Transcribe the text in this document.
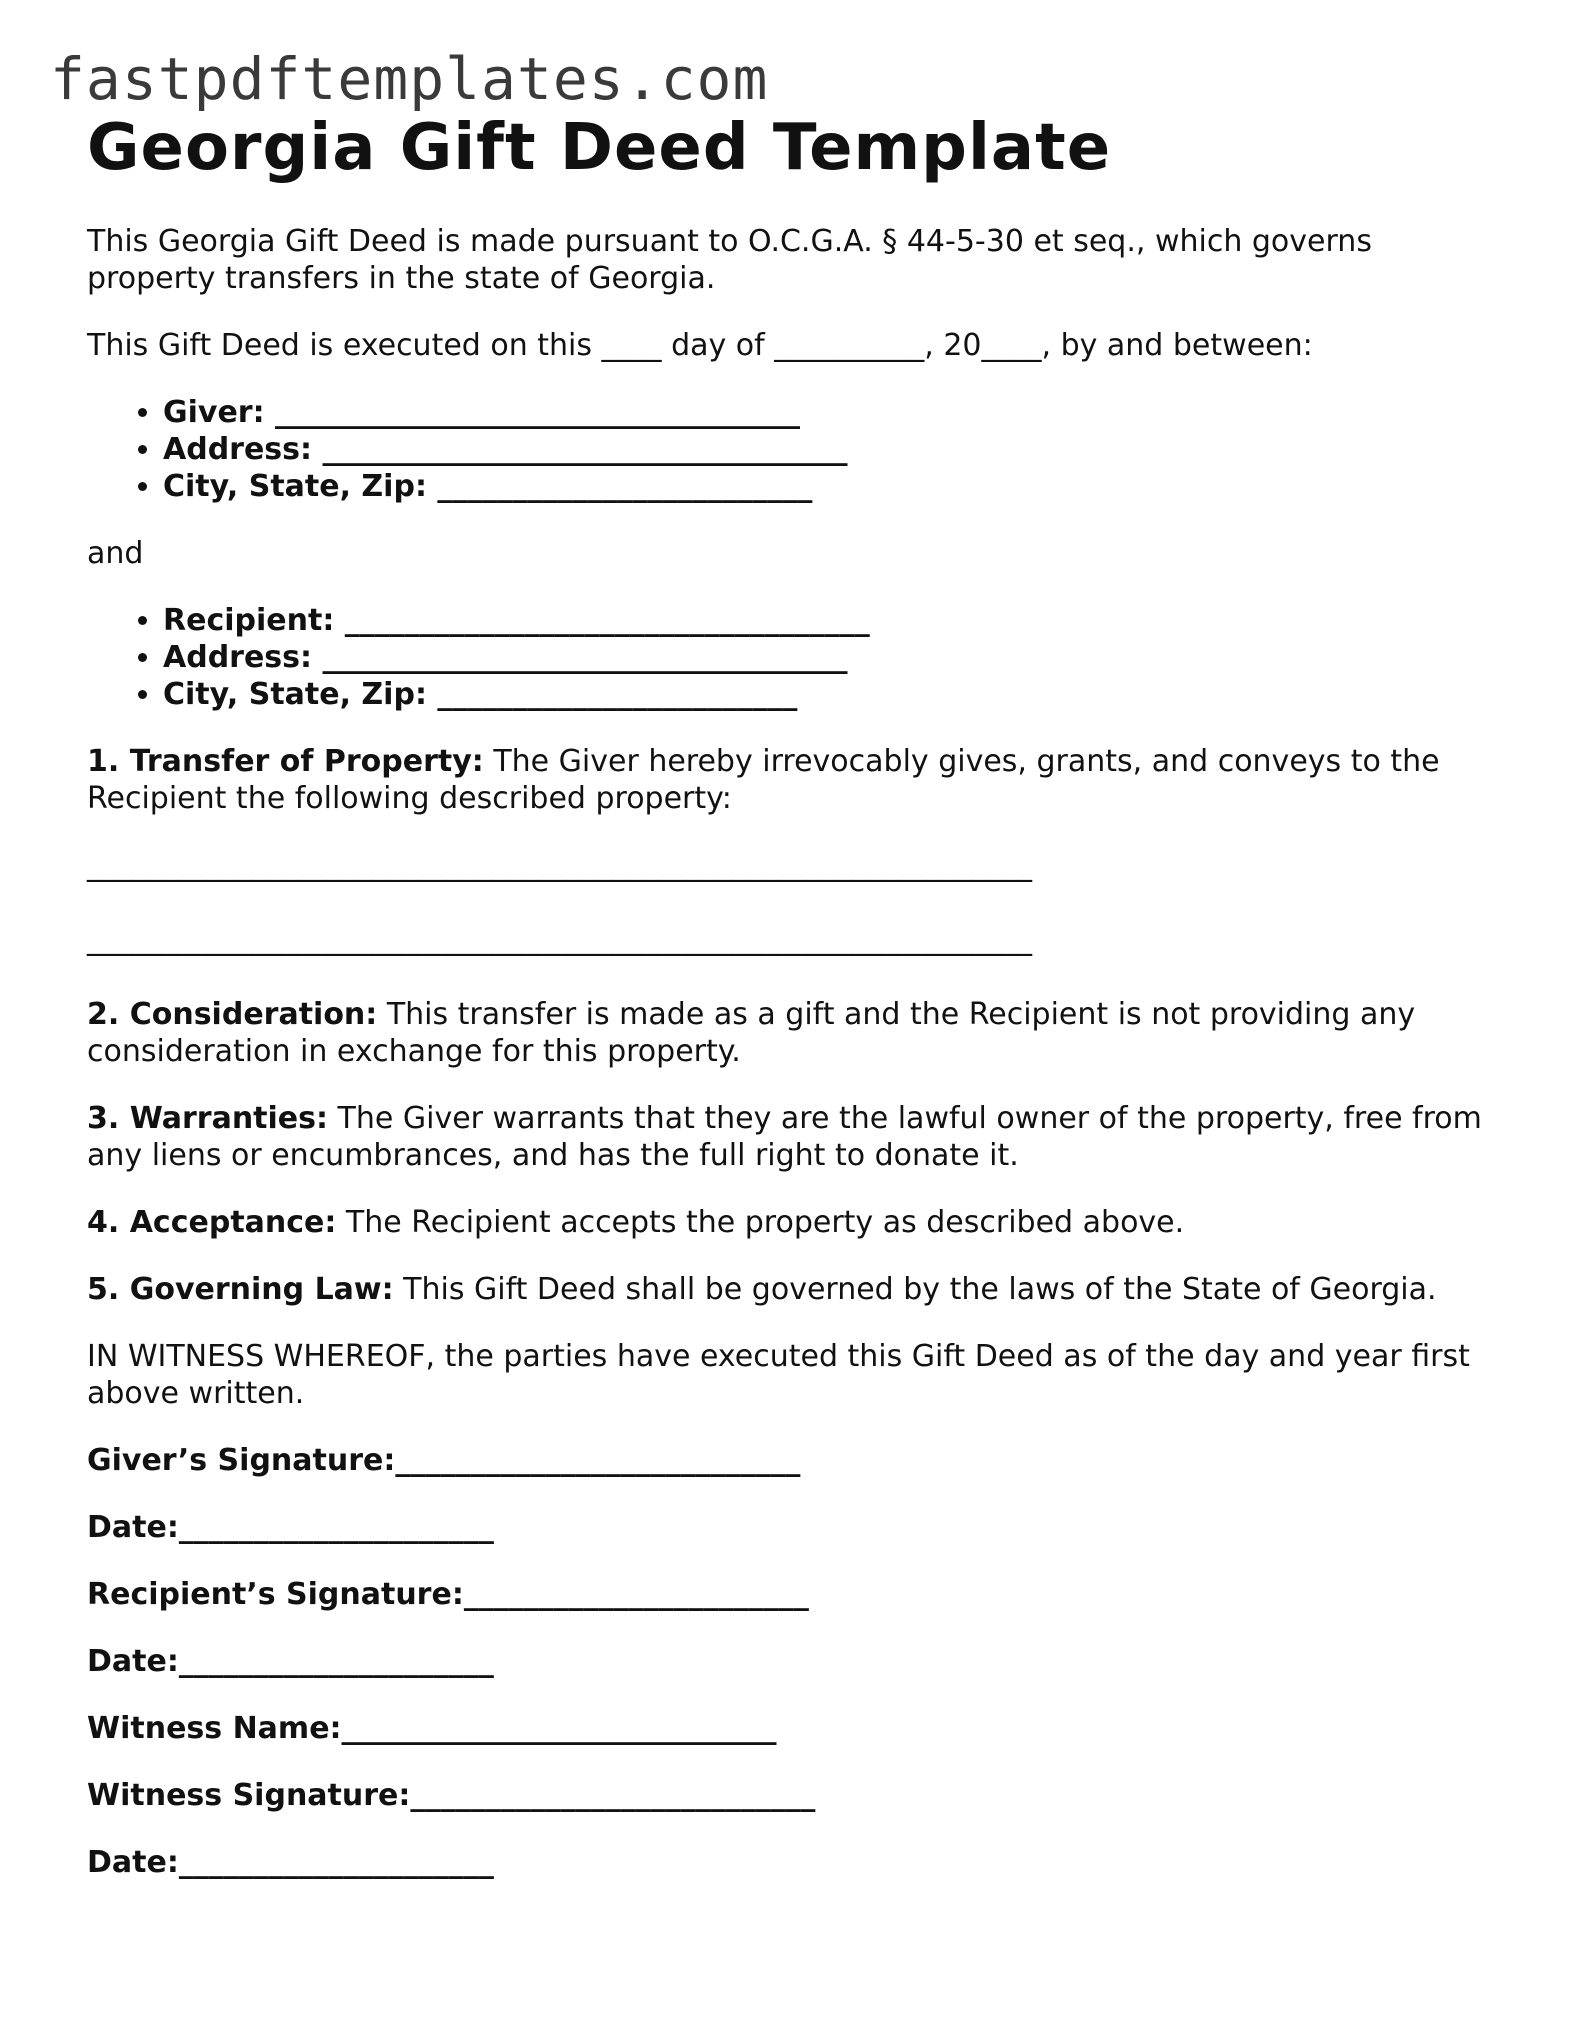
fastpdftemplates.com
Georgia Gift Deed Template

This Georgia Gift Deed is made pursuant to O.C.G.A. § 44-5-30 et seq., which governs property transfers in the state of Georgia.

This Gift Deed is executed on this ____ day of __________, 20____, by and between:

• Giver: ___________________________________
• Address: ___________________________________
• City, State, Zip: _________________________

and

• Recipient: ___________________________________
• Address: ___________________________________
• City, State, Zip: ________________________

1. Transfer of Property: The Giver hereby irrevocably gives, grants, and conveys to the Recipient the following described property:

_______________________________________________________________
_______________________________________________________________

2. Consideration: This transfer is made as a gift and the Recipient is not providing any consideration in exchange for this property.

3. Warranties: The Giver warrants that they are the lawful owner of the property, free from any liens or encumbrances, and has the full right to donate it.

4. Acceptance: The Recipient accepts the property as described above.

5. Governing Law: This Gift Deed shall be governed by the laws of the State of Georgia.

IN WITNESS WHEREOF, the parties have executed this Gift Deed as of the day and year first above written.

Giver’s Signature:___________________________
Date:_____________________
Recipient’s Signature:_______________________
Date:_____________________
Witness Name:_____________________________
Witness Signature:___________________________
Date:_____________________
